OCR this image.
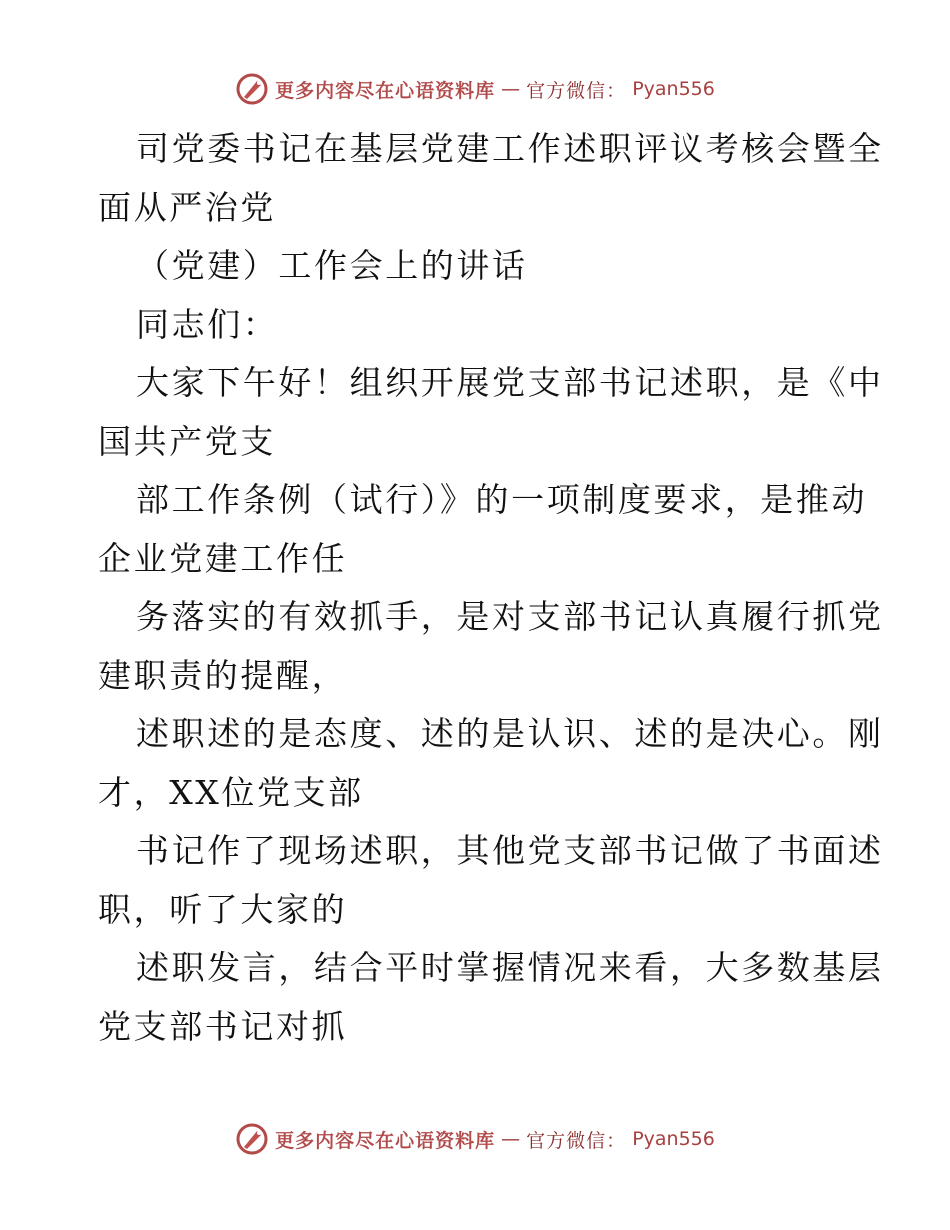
更多内容尽在心语资料库 — 官方微信： Pyan556

司党委书记在基层党建工作述职评议考核会暨全
面从严治党

（党建）工作会上的讲话

同志们：

大家下午好！组织开展党支部书记述职，是《中
国共产党支

部工作条例（试行）》的一项制度要求，是推动
企业党建工作任

务落实的有效抓手，是对支部书记认真履行抓党
建职责的提醒，

述职述的是态度、述的是认识、述的是决心。刚
才，XX位党支部

书记作了现场述职，其他党支部书记做了书面述
职，听了大家的

述职发言，结合平时掌握情况来看，大多数基层
党支部书记对抓

更多内容尽在心语资料库 — 官方微信： Pyan556
